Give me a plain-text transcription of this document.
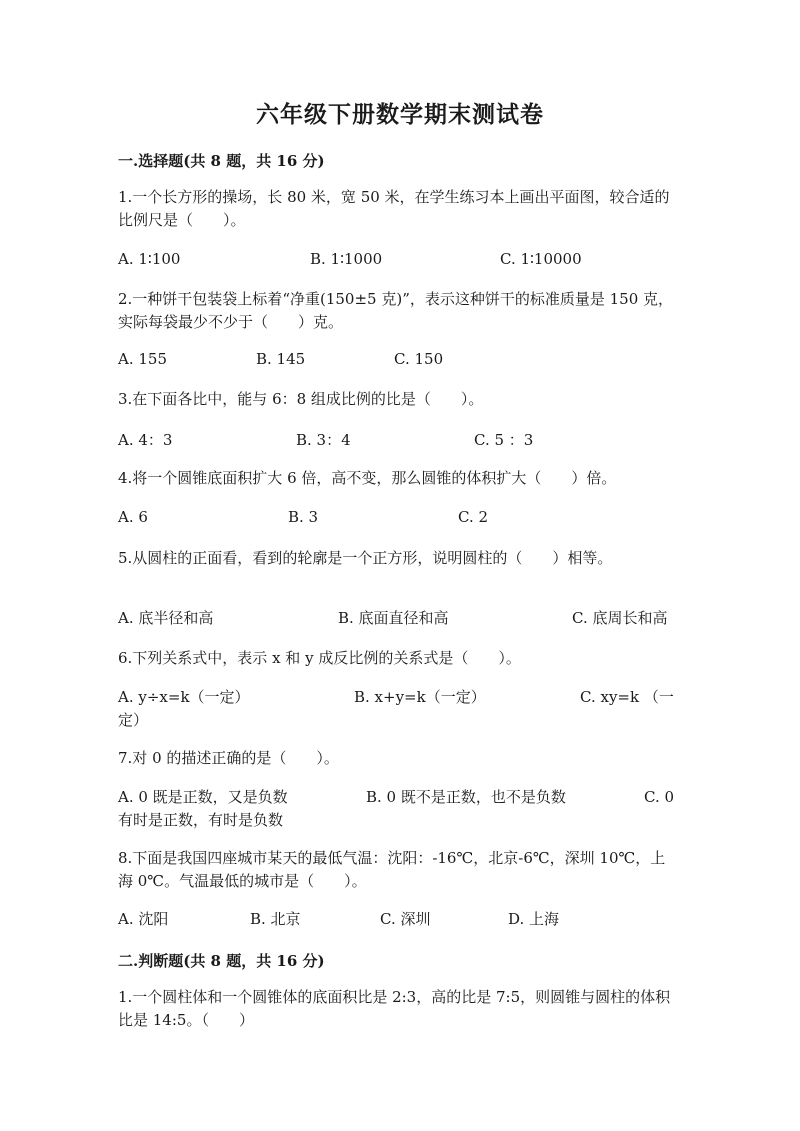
六年级下册数学期末测试卷
一.选择题(共 8 题，共 16 分)
1.一个长方形的操场，长 80 米，宽 50 米，在学生练习本上画出平面图，较合适的比例尺是（　　）。
A. 1∶100	B. 1∶1000	C. 1∶10000
2.一种饼干包装袋上标着“净重(150±5 克)”，表示这种饼干的标准质量是 150 克，实际每袋最少不少于（　　）克。
A. 155	B. 145	C. 150
3.在下面各比中，能与 6：8 组成比例的比是（　　）。
A. 4：3	B. 3：4	C. 5 ：3
4.将一个圆锥底面积扩大 6 倍，高不变，那么圆锥的体积扩大（　　）倍。
A. 6	B. 3	C. 2
5.从圆柱的正面看，看到的轮廓是一个正方形，说明圆柱的（　　）相等。
A. 底半径和高	B. 底面直径和高	C. 底周长和高
6.下列关系式中，表示 x 和 y 成反比例的关系式是（　　）。
A. y÷x=k（一定）	B. x+y=k（一定）	C. xy=k （一
定）
7.对 0 的描述正确的是（　　）。
A. 0 既是正数，又是负数	B. 0 既不是正数，也不是负数	C. 0
有时是正数，有时是负数
8.下面是我国四座城市某天的最低气温：沈阳：-16℃，北京-6℃，深圳 10℃，上海 0℃。气温最低的城市是（　　）。
A. 沈阳	B. 北京	C. 深圳	D. 上海
二.判断题(共 8 题，共 16 分)
1.一个圆柱体和一个圆锥体的底面积比是 2:3，高的比是 7:5，则圆锥与圆柱的体积比是 14:5。（　　）
